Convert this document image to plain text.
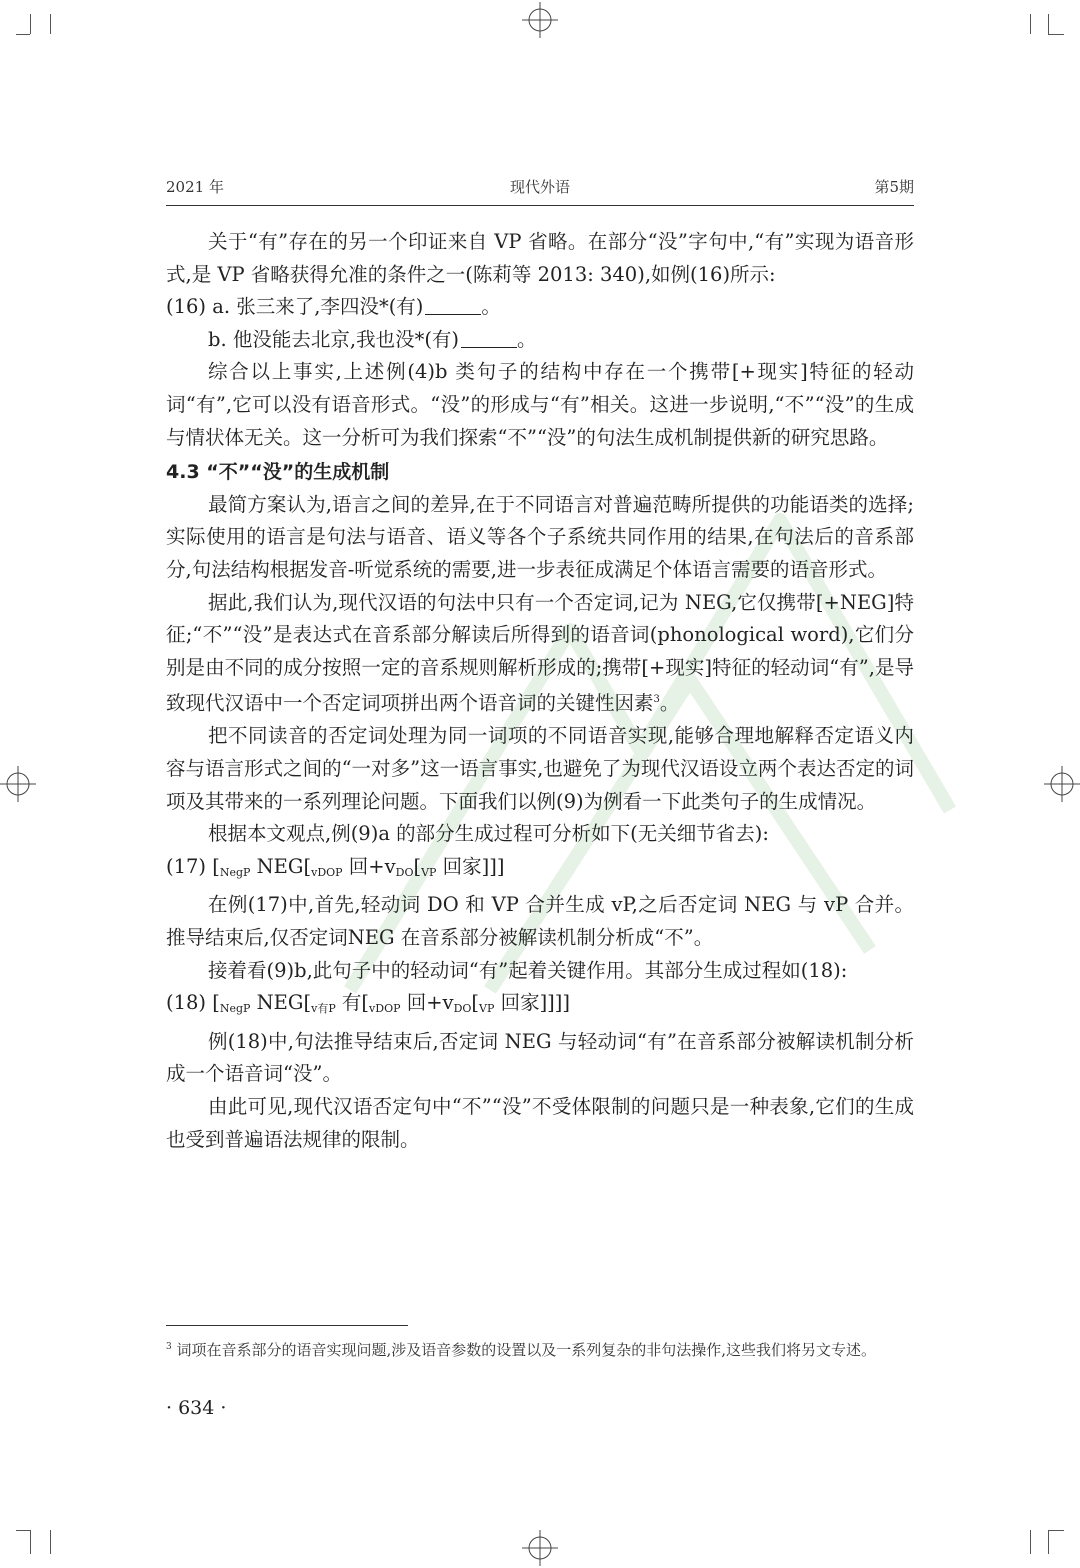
2021 年	现代外语	第5期

关于“有”存在的另一个印证来自 VP 省略。在部分“没”字句中,“有”实现为语音形式,是 VP 省略获得允准的条件之一(陈莉等 2013: 340),如例(16)所示:

(16) a. 张三来了,李四没*(有)	。

b. 他没能去北京,我也没*(有)	。

综合以上事实,上述例(4)b 类句子的结构中存在一个携带[+现实]特征的轻动词“有”,它可以没有语音形式。“没”的形成与“有”相关。这进一步说明,“不”“没”的生成与情状体无关。这一分析可为我们探索“不”“没”的句法生成机制提供新的研究思路。

4.3 “不”“没”的生成机制

最简方案认为,语言之间的差异,在于不同语言对普遍范畴所提供的功能语类的选择;实际使用的语言是句法与语音、语义等各个子系统共同作用的结果,在句法后的音系部分,句法结构根据发音-听觉系统的需要,进一步表征成满足个体语言需要的语音形式。

据此,我们认为,现代汉语的句法中只有一个否定词,记为 NEG,它仅携带[+NEG]特征;“不”“没”是表达式在音系部分解读后所得到的语音词(phonological word),它们分别是由不同的成分按照一定的音系规则解析形成的;携带[+现实]特征的轻动词“有”,是导致现代汉语中一个否定词项拼出两个语音词的关键性因素$^3$。

把不同读音的否定词处理为同一词项的不同语音实现,能够合理地解释否定语义内容与语言形式之间的“一对多”这一语言事实,也避免了为现代汉语设立两个表达否定的词项及其带来的一系列理论问题。下面我们以例(9)为例看一下此类句子的生成情况。

根据本文观点,例(9)a 的部分生成过程可分析如下(无关细节省去):

(17) [$_{NegP}$ $NEG[_{vDOP}$ 回$+v_{DO}[_{VP}$ 回家]]]

在例(17)中,首先,轻动词 DO 和 VP 合并生成 vP,之后否定词 NEG 与 vP 合并。推导结束后,仅否定词NEG 在音系部分被解读机制分析成“不”。

接着看(9)b,此句子中的轻动词“有”起着关键作用。其部分生成过程如(18):

(18) [$_{NegP}$ $NEG[_{v有P}$ 有[$_{vDOP}$ 回$+v_{DO}[_{VP}$ 回家]]]]

例(18)中,句法推导结束后,否定词 NEG 与轻动词“有”在音系部分被解读机制分析成一个语音词“没”。

由此可见,现代汉语否定句中“不”“没”不受体限制的问题只是一种表象,它们的生成也受到普遍语法规律的限制。

$^3$ 词项在音系部分的语音实现问题,涉及语音参数的设置以及一系列复杂的非句法操作,这些我们将另文专述。
· 634 ·
